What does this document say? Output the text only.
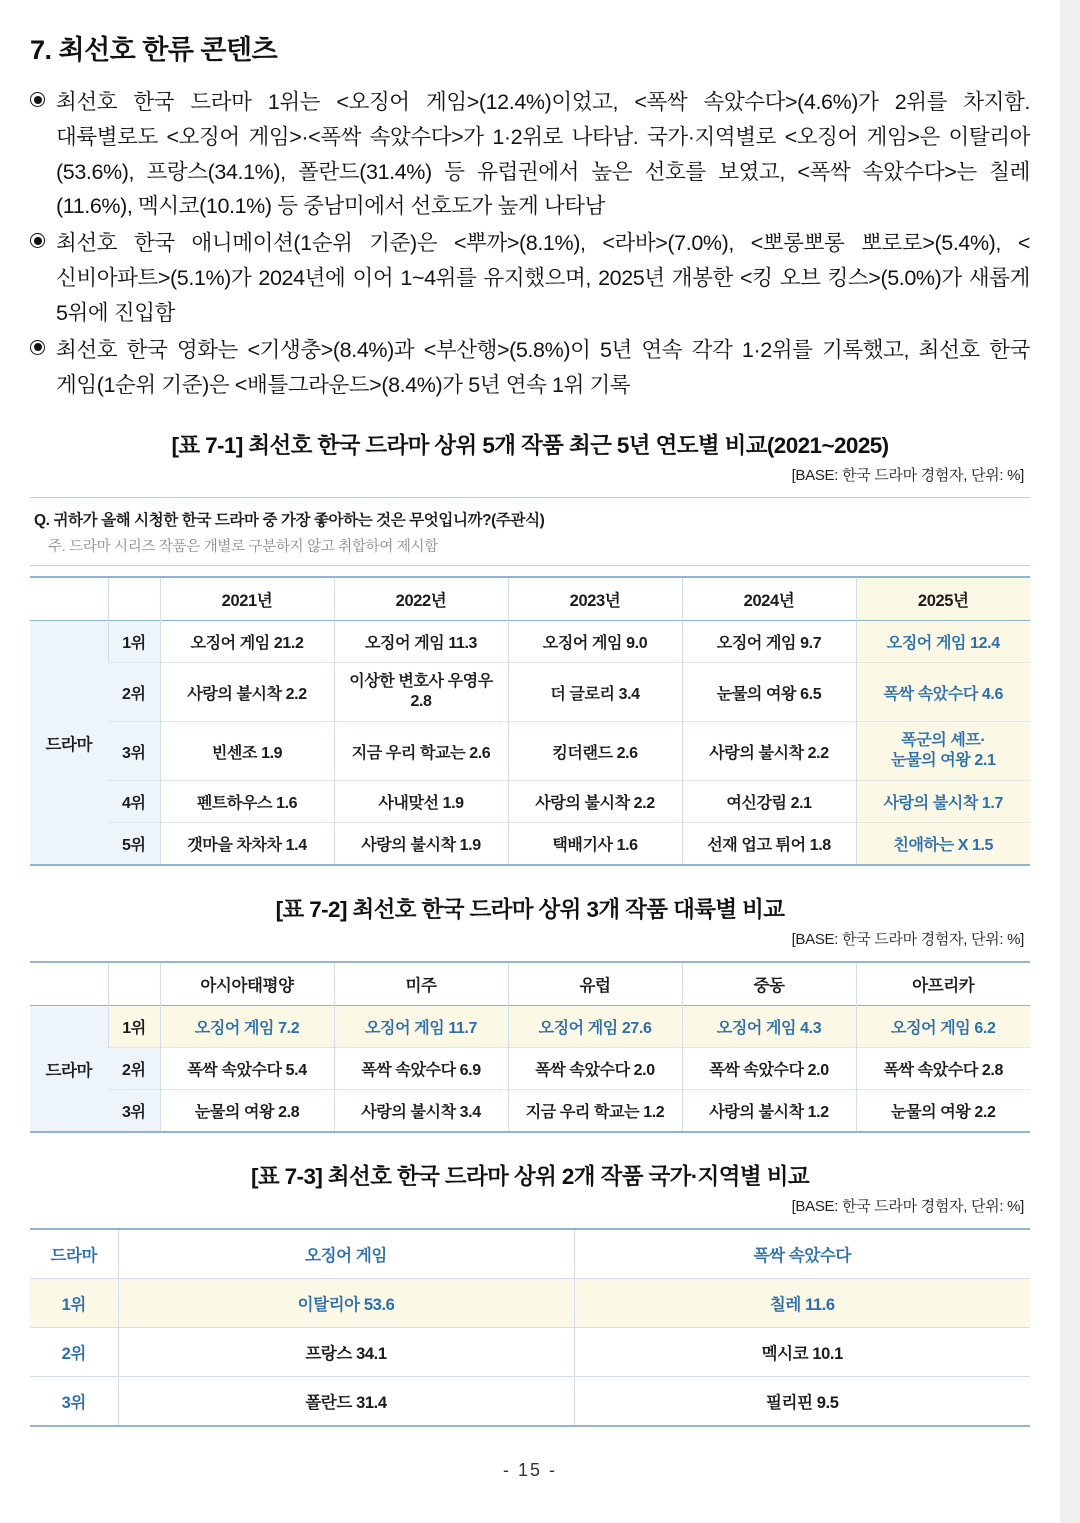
7. 최선호 한류 콘텐츠
최선호 한국 드라마 1위는 <오징어 게임>(12.4%)이었고, <폭싹 속았수다>(4.6%)가 2위를 차지함. 대륙별로도 <오징어 게임>·<폭싹 속았수다>가 1·2위로 나타남. 국가·지역별로 <오징어 게임>은 이탈리아(53.6%), 프랑스(34.1%), 폴란드(31.4%) 등 유럽권에서 높은 선호를 보였고, <폭싹 속았수다>는 칠레(11.6%), 멕시코(10.1%) 등 중남미에서 선호도가 높게 나타남
최선호 한국 애니메이션(1순위 기준)은 <뿌까>(8.1%), <라바>(7.0%), <뽀롱뽀롱 뽀로로>(5.4%), <신비아파트>(5.1%)가 2024년에 이어 1~4위를 유지했으며, 2025년 개봉한 <킹 오브 킹스>(5.0%)가 새롭게 5위에 진입함
최선호 한국 영화는 <기생충>(8.4%)과 <부산행>(5.8%)이 5년 연속 각각 1·2위를 기록했고, 최선호 한국 게임(1순위 기준)은 <배틀그라운드>(8.4%)가 5년 연속 1위 기록
[표 7-1] 최선호 한국 드라마 상위 5개 작품 최근 5년 연도별 비교(2021~2025)
[BASE: 한국 드라마 경험자, 단위: %]
Q. 귀하가 올해 시청한 한국 드라마 중 가장 좋아하는 것은 무엇입니까?(주관식)
주. 드라마 시리즈 작품은 개별로 구분하지 않고 취합하여 제시함
		2021년	2022년	2023년	2024년	2025년
드라마	1위	오징어 게임 21.2	오징어 게임 11.3	오징어 게임 9.0	오징어 게임 9.7	오징어 게임 12.4
	2위	사랑의 불시착 2.2	이상한 변호사 우영우 2.8	더 글로리 3.4	눈물의 여왕 6.5	폭싹 속았수다 4.6
	3위	빈센조 1.9	지금 우리 학교는 2.6	킹더랜드 2.6	사랑의 불시착 2.2	폭군의 셰프·
눈물의 여왕 2.1
	4위	펜트하우스 1.6	사내맞선 1.9	사랑의 불시착 2.2	여신강림 2.1	사랑의 불시착 1.7
	5위	갯마을 차차차 1.4	사랑의 불시착 1.9	택배기사 1.6	선재 업고 튀어 1.8	친애하는 X 1.5
[표 7-2] 최선호 한국 드라마 상위 3개 작품 대륙별 비교
[BASE: 한국 드라마 경험자, 단위: %]
		아시아태평양	미주	유럽	중동	아프리카
드라마	1위	오징어 게임 7.2	오징어 게임 11.7	오징어 게임 27.6	오징어 게임 4.3	오징어 게임 6.2
	2위	폭싹 속았수다 5.4	폭싹 속았수다 6.9	폭싹 속았수다 2.0	폭싹 속았수다 2.0	폭싹 속았수다 2.8
	3위	눈물의 여왕 2.8	사랑의 불시착 3.4	지금 우리 학교는 1.2	사랑의 불시착 1.2	눈물의 여왕 2.2
[표 7-3] 최선호 한국 드라마 상위 2개 작품 국가·지역별 비교
[BASE: 한국 드라마 경험자, 단위: %]
드라마	오징어 게임	폭싹 속았수다
1위	이탈리아 53.6	칠레 11.6
2위	프랑스 34.1	멕시코 10.1
3위	폴란드 31.4	필리핀 9.5
- 15 -
